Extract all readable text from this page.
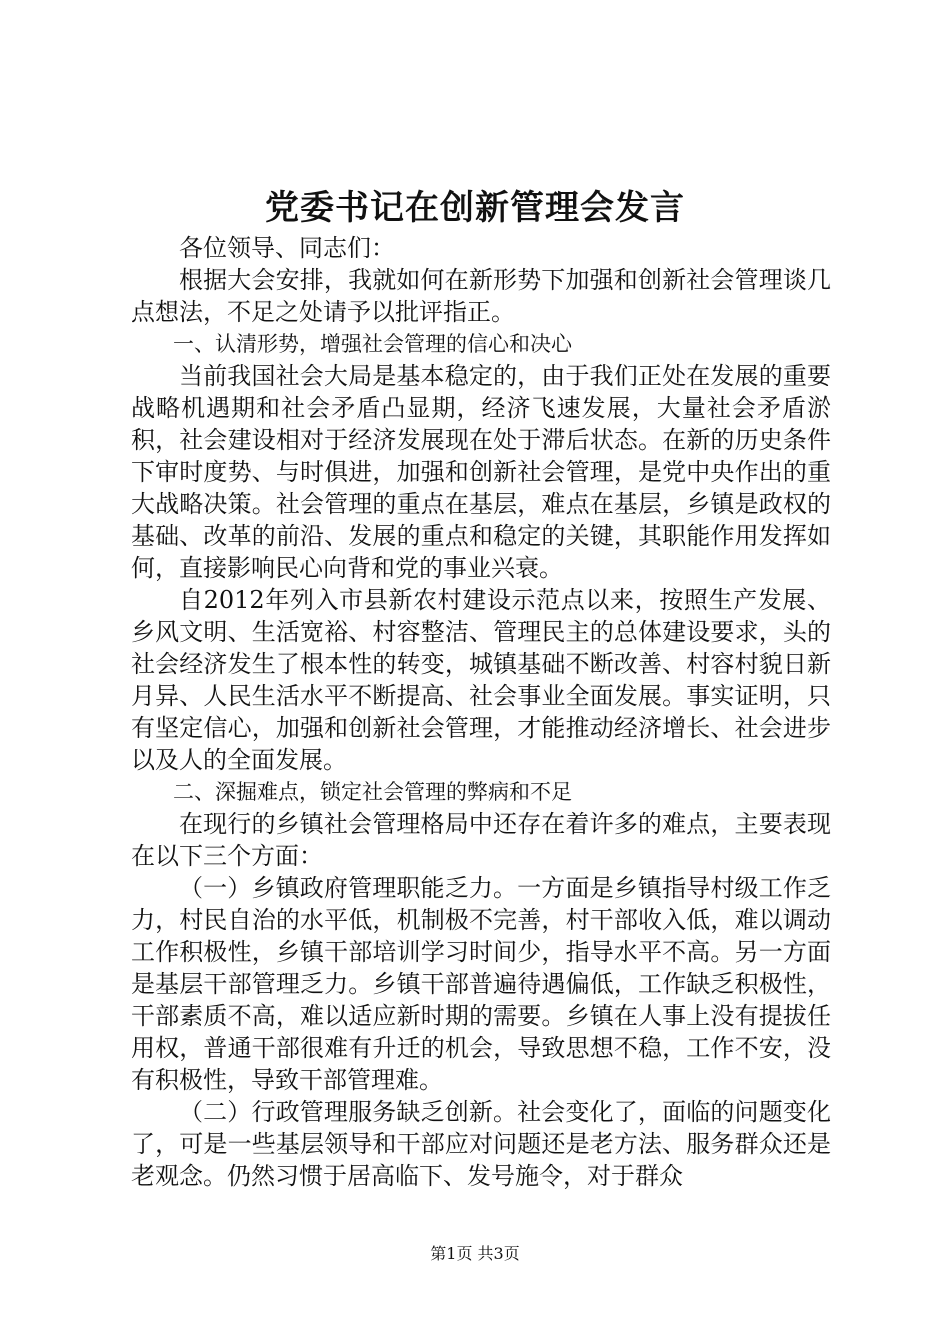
党委书记在创新管理会发言

各位领导、同志们：

根据大会安排，我就如何在新形势下加强和创新社会管理谈几点想法，不足之处请予以批评指正。

一、认清形势，增强社会管理的信心和决心

当前我国社会大局是基本稳定的，由于我们正处在发展的重要战略机遇期和社会矛盾凸显期，经济飞速发展，大量社会矛盾淤积，社会建设相对于经济发展现在处于滞后状态。在新的历史条件下审时度势、与时俱进，加强和创新社会管理，是党中央作出的重大战略决策。社会管理的重点在基层，难点在基层，乡镇是政权的基础、改革的前沿、发展的重点和稳定的关键，其职能作用发挥如何，直接影响民心向背和党的事业兴衰。

自2012年列入市县新农村建设示范点以来，按照生产发展、乡风文明、生活宽裕、村容整洁、管理民主的总体建设要求，头的社会经济发生了根本性的转变，城镇基础不断改善、村容村貌日新月异、人民生活水平不断提高、社会事业全面发展。事实证明，只有坚定信心，加强和创新社会管理，才能推动经济增长、社会进步以及人的全面发展。

二、深掘难点，锁定社会管理的弊病和不足

在现行的乡镇社会管理格局中还存在着许多的难点，主要表现在以下三个方面：

（一）乡镇政府管理职能乏力。一方面是乡镇指导村级工作乏力，村民自治的水平低，机制极不完善，村干部收入低，难以调动工作积极性，乡镇干部培训学习时间少，指导水平不高。另一方面是基层干部管理乏力。乡镇干部普遍待遇偏低，工作缺乏积极性，干部素质不高，难以适应新时期的需要。乡镇在人事上没有提拔任用权，普通干部很难有升迁的机会，导致思想不稳，工作不安，没有积极性，导致干部管理难。

（二）行政管理服务缺乏创新。社会变化了，面临的问题变化了，可是一些基层领导和干部应对问题还是老方法、服务群众还是老观念。仍然习惯于居高临下、发号施令，对于群众

第1页 共3页
